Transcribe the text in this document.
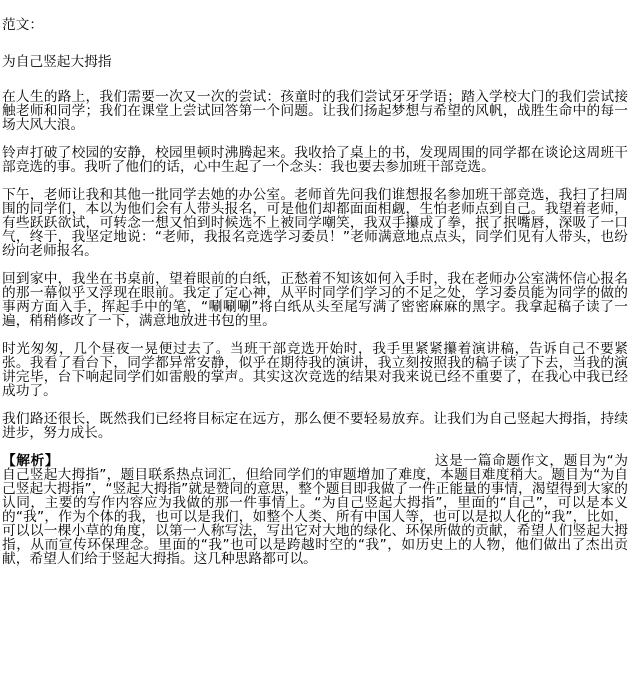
范文：

为自己竖起大拇指

在人生的路上，我们需要一次又一次的尝试：孩童时的我们尝试牙牙学语；踏入学校大门的我们尝试接触老师和同学；我们在课堂上尝试回答第一个问题。让我们扬起梦想与希望的风帆，战胜生命中的每一场大风大浪。

铃声打破了校园的安静，校园里顿时沸腾起来。我收拾了桌上的书，发现周围的同学都在谈论这周班干部竞选的事。我听了他们的话，心中生起了一个念头：我也要去参加班干部竞选。

下午，老师让我和其他一批同学去她的办公室。老师首先问我们谁想报名参加班干部竞选，我扫了扫周围的同学们，本以为他们会有人带头报名，可是他们却都面面相觑，生怕老师点到自己。我望着老师，有些跃跃欲试，可转念一想又怕到时候选不上被同学嘲笑，我双手攥成了拳，抿了抿嘴唇，深吸了一口气，终于，我坚定地说：“老师，我报名竞选学习委员！”老师满意地点点头，同学们见有人带头，也纷纷向老师报名。

回到家中，我坐在书桌前，望着眼前的白纸，正愁着不知该如何入手时，我在老师办公室满怀信心报名的那一幕似乎又浮现在眼前。我定了定心神，从平时同学们学习的不足之处，学习委员能为同学的做的事两方面入手，挥起手中的笔，“唰唰唰”将白纸从头至尾写满了密密麻麻的黑字。我拿起稿子读了一遍，稍稍修改了一下，满意地放进书包的里。

时光匆匆，几个昼夜一晃便过去了。当班干部竞选开始时，我手里紧紧攥着演讲稿，告诉自己不要紧张。我看了看台下，同学都异常安静，似乎在期待我的演讲，我立刻按照我的稿子读了下去，当我的演讲完毕，台下响起同学们如雷般的掌声。其实这次竞选的结果对我来说已经不重要了，在我心中我已经成功了。

我们路还很长，既然我们已经将目标定在远方，那么便不要轻易放弃。让我们为自己竖起大拇指，持续进步，努力成长。

【解析】	这是一篇命题作文，题目为“为自己竖起大拇指”，题目联系热点词汇，但给同学们的审题增加了难度，本题目难度稍大。题目为“为自己竖起大拇指”，“竖起大拇指”就是赞同的意思，整个题目即我做了一件正能量的事情，渴望得到大家的认同，主要的写作内容应为我做的那一件事情上。“为自己竖起大拇指”，里面的“自己”，可以是本义的“我”，作为个体的我，也可以是我们，如整个人类、所有中国人等，也可以是拟人化的“我”，比如，可以以一棵小草的角度，以第一人称写法，写出它对大地的绿化、环保所做的贡献，希望人们竖起大拇指，从而宣传环保理念。里面的“我”也可以是跨越时空的“我”，如历史上的人物，他们做出了杰出贡献，希望人们给于竖起大拇指。这几种思路都可以。
